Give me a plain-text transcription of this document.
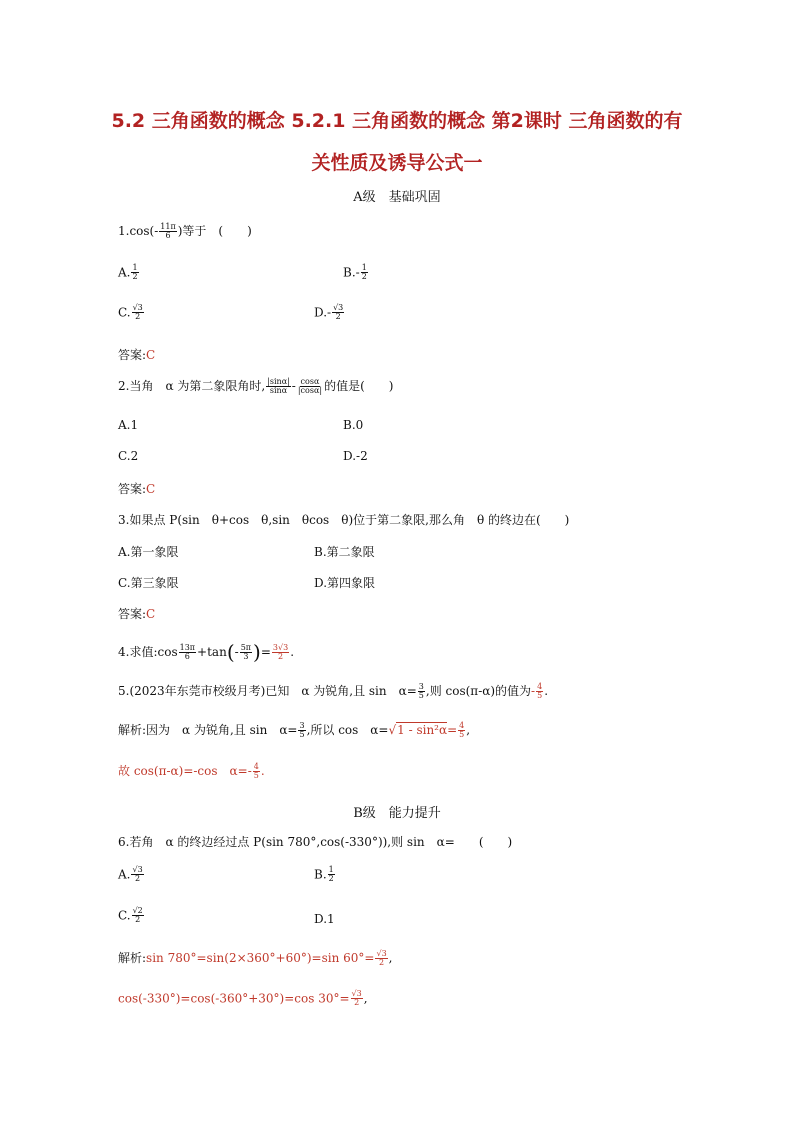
5.2 三角函数的概念 5.2.1 三角函数的概念 第2课时 三角函数的有
关性质及诱导公式一
A级　基础巩固
$1.\cos(- \frac{11\pi}{6}$ )等于　(　　)
A. $\frac{1}{2}$	$B.- \frac{1}{2}$
C. $\frac{√3}{2}$	$D.- \frac{√3}{2}$
答案:C
2.当角　α 为第二象限角时, $\frac{|\sin\alpha|}{\sin\alpha} - \frac{\cos\alpha}{|\cos\alpha|}$ 的值是(　　)
A.1	B.0
C.2	D.-2
答案:C
3.如果点 P(sin　θ+cos　θ,sin　θcos　θ)位于第二象限,那么角　θ 的终边在(　　)
A.第一象限	B.第二象限
C.第三象限	D.第四象限
答案:C
4.求值:cos $\frac{13\pi}{6} +\tan(- \frac{5\pi}{3}$ )= $\frac{3√3}{2}$ .
5.(2023年东莞市校级月考)已知　α 为锐角,且 sin　$\alpha= \frac{3}{5}$ ,则 cos(π-α)的值为- $\frac{4}{5}$ .
解析:因为　α 为锐角,且 sin　$\alpha= \frac{3}{5}$ ,所以 cos　$\alpha=√1 - \sin^2\alpha= \frac{4}{5}$ ,
故 cos(π-α)=-cos　$\alpha=- \frac{4}{5}$ .
B级　能力提升
6.若角　α 的终边经过点 P(sin 780°,cos(-330°)),则 sin　α=　　(　　)
A. $\frac{√3}{2}$	B. $\frac{1}{2}$
C. $\frac{√2}{2}$	D.1
解析:sin 780°=sin(2×360°+60°)=sin $60^\circ= \frac{√3}{2}$ ,
cos(-330°)=cos(-360°+30°)=cos $30^\circ= \frac{√3}{2}$ ,
